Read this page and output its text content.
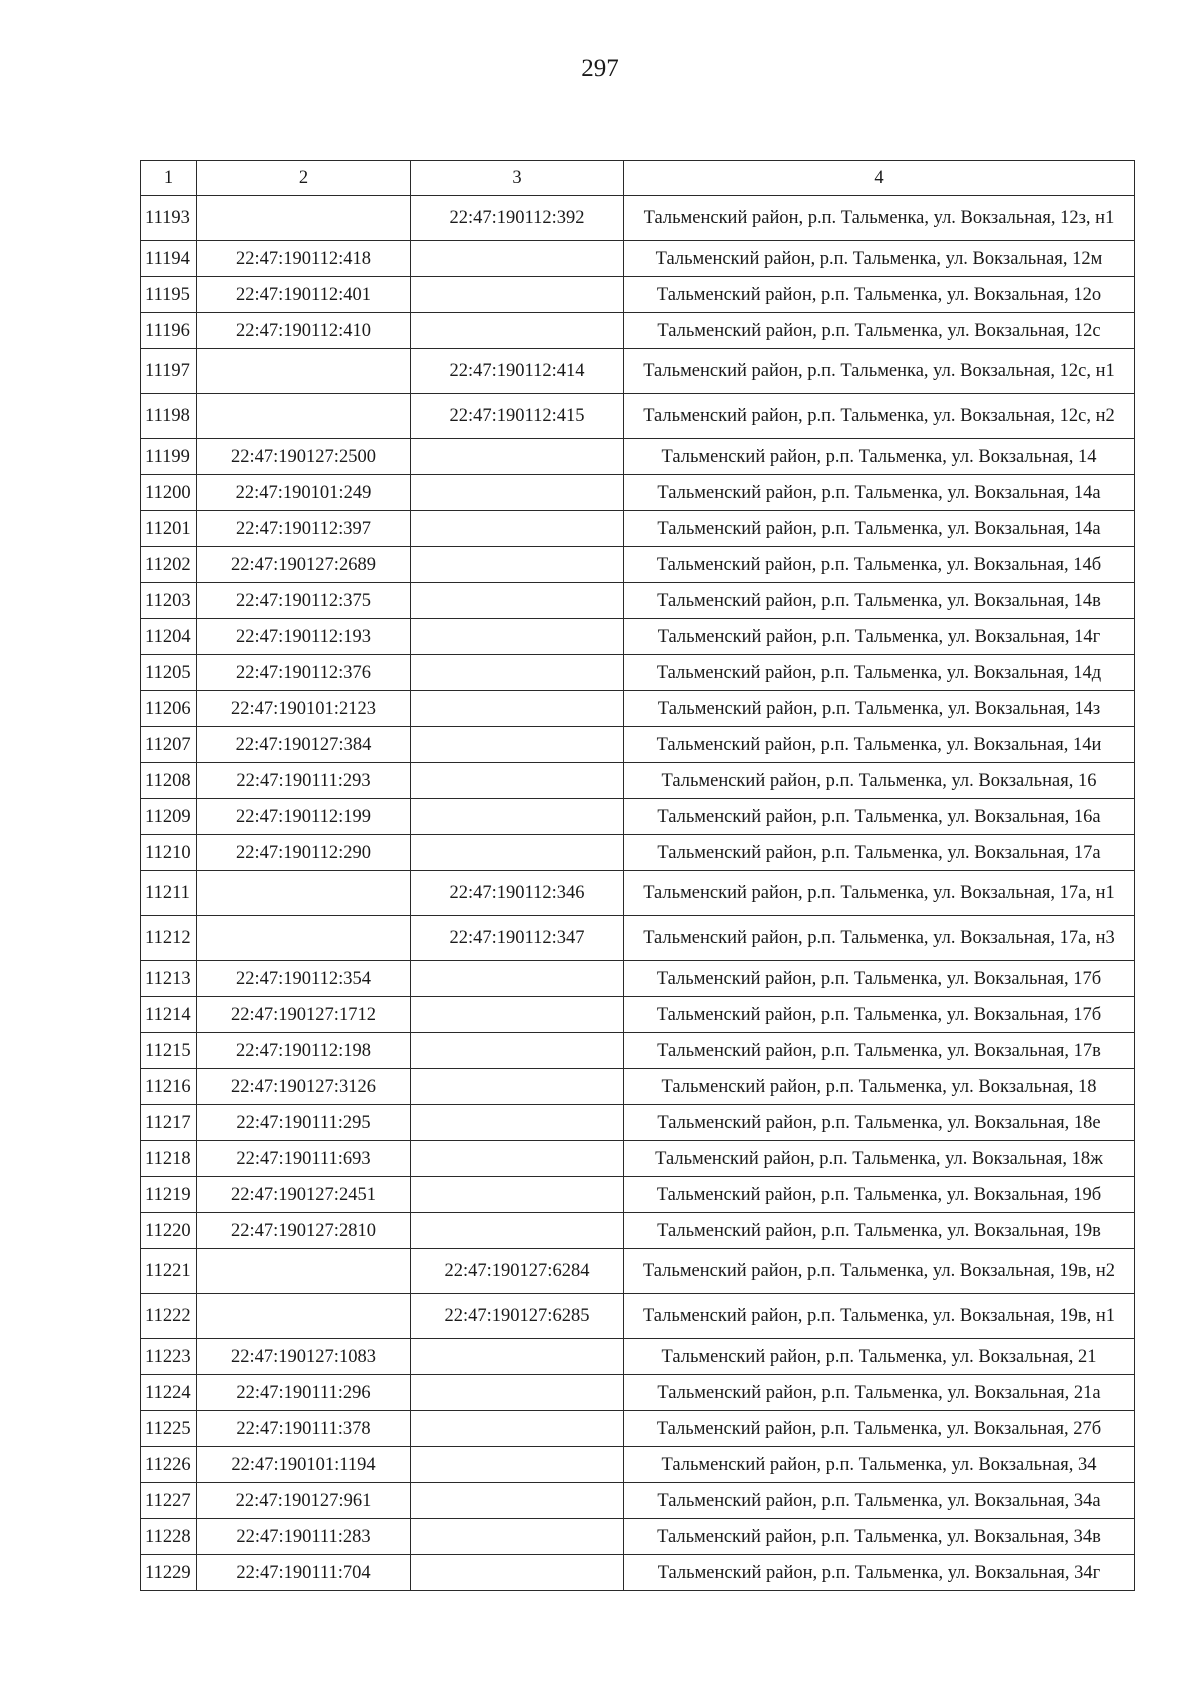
297
1	2	3	4
11193		22:47:190112:392	Тальменский район, р.п. Тальменка, ул. Вокзальная, 12з, н1
11194	22:47:190112:418		Тальменский район, р.п. Тальменка, ул. Вокзальная, 12м
11195	22:47:190112:401		Тальменский район, р.п. Тальменка, ул. Вокзальная, 12о
11196	22:47:190112:410		Тальменский район, р.п. Тальменка, ул. Вокзальная, 12с
11197		22:47:190112:414	Тальменский район, р.п. Тальменка, ул. Вокзальная, 12с, н1
11198		22:47:190112:415	Тальменский район, р.п. Тальменка, ул. Вокзальная, 12с, н2
11199	22:47:190127:2500		Тальменский район, р.п. Тальменка, ул. Вокзальная, 14
11200	22:47:190101:249		Тальменский район, р.п. Тальменка, ул. Вокзальная, 14а
11201	22:47:190112:397		Тальменский район, р.п. Тальменка, ул. Вокзальная, 14а
11202	22:47:190127:2689		Тальменский район, р.п. Тальменка, ул. Вокзальная, 14б
11203	22:47:190112:375		Тальменский район, р.п. Тальменка, ул. Вокзальная, 14в
11204	22:47:190112:193		Тальменский район, р.п. Тальменка, ул. Вокзальная, 14г
11205	22:47:190112:376		Тальменский район, р.п. Тальменка, ул. Вокзальная, 14д
11206	22:47:190101:2123		Тальменский район, р.п. Тальменка, ул. Вокзальная, 14з
11207	22:47:190127:384		Тальменский район, р.п. Тальменка, ул. Вокзальная, 14и
11208	22:47:190111:293		Тальменский район, р.п. Тальменка, ул. Вокзальная, 16
11209	22:47:190112:199		Тальменский район, р.п. Тальменка, ул. Вокзальная, 16а
11210	22:47:190112:290		Тальменский район, р.п. Тальменка, ул. Вокзальная, 17а
11211		22:47:190112:346	Тальменский район, р.п. Тальменка, ул. Вокзальная, 17а, н1
11212		22:47:190112:347	Тальменский район, р.п. Тальменка, ул. Вокзальная, 17а, н3
11213	22:47:190112:354		Тальменский район, р.п. Тальменка, ул. Вокзальная, 17б
11214	22:47:190127:1712		Тальменский район, р.п. Тальменка, ул. Вокзальная, 17б
11215	22:47:190112:198		Тальменский район, р.п. Тальменка, ул. Вокзальная, 17в
11216	22:47:190127:3126		Тальменский район, р.п. Тальменка, ул. Вокзальная, 18
11217	22:47:190111:295		Тальменский район, р.п. Тальменка, ул. Вокзальная, 18е
11218	22:47:190111:693		Тальменский район, р.п. Тальменка, ул. Вокзальная, 18ж
11219	22:47:190127:2451		Тальменский район, р.п. Тальменка, ул. Вокзальная, 19б
11220	22:47:190127:2810		Тальменский район, р.п. Тальменка, ул. Вокзальная, 19в
11221		22:47:190127:6284	Тальменский район, р.п. Тальменка, ул. Вокзальная, 19в, н2
11222		22:47:190127:6285	Тальменский район, р.п. Тальменка, ул. Вокзальная, 19в, н1
11223	22:47:190127:1083		Тальменский район, р.п. Тальменка, ул. Вокзальная, 21
11224	22:47:190111:296		Тальменский район, р.п. Тальменка, ул. Вокзальная, 21а
11225	22:47:190111:378		Тальменский район, р.п. Тальменка, ул. Вокзальная, 27б
11226	22:47:190101:1194		Тальменский район, р.п. Тальменка, ул. Вокзальная, 34
11227	22:47:190127:961		Тальменский район, р.п. Тальменка, ул. Вокзальная, 34а
11228	22:47:190111:283		Тальменский район, р.п. Тальменка, ул. Вокзальная, 34в
11229	22:47:190111:704		Тальменский район, р.п. Тальменка, ул. Вокзальная, 34г
